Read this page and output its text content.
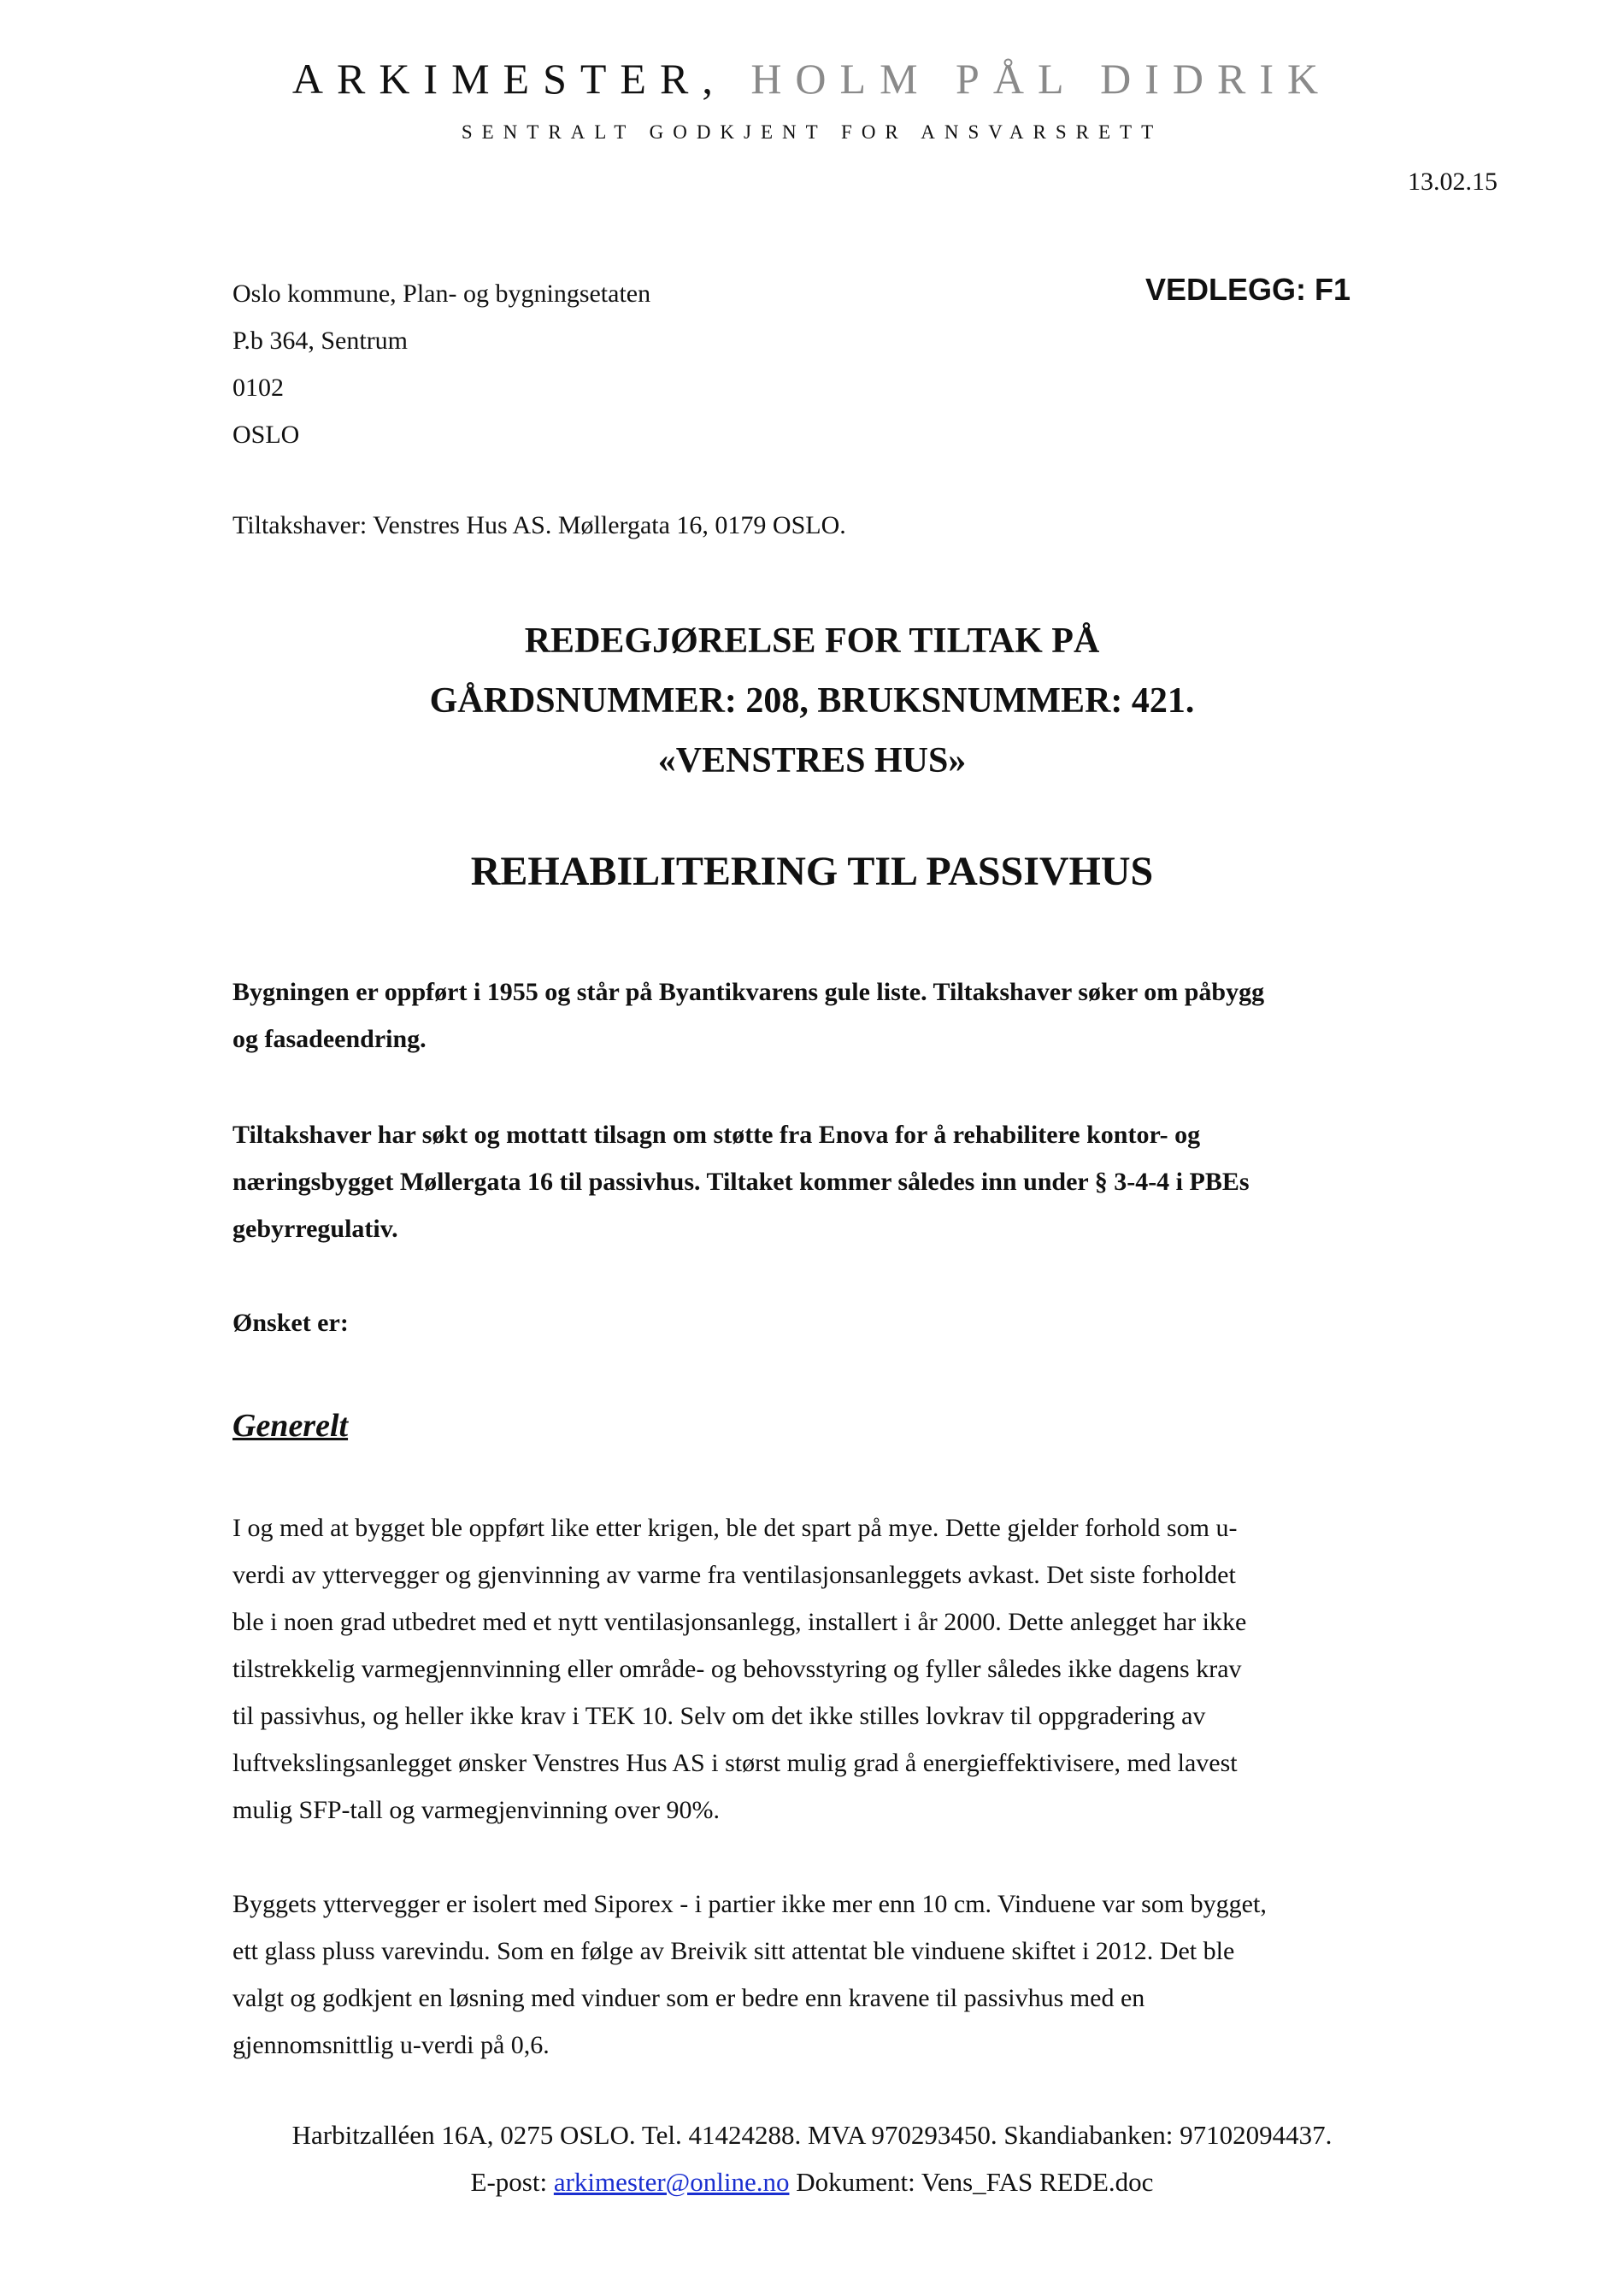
ARKIMESTER, HOLM PÅL DIDRIK
SENTRALT GODKJENT FOR ANSVARSRETT
13.02.15
Oslo kommune, Plan- og bygningsetaten
P.b 364, Sentrum
0102
OSLO
VEDLEGG: F1
Tiltakshaver: Venstres Hus AS. Møllergata 16, 0179 OSLO.
REDEGJØRELSE FOR TILTAK PÅ
GÅRDSNUMMER: 208, BRUKSNUMMER: 421.
«VENSTRES HUS»
REHABILITERING TIL PASSIVHUS
Bygningen er oppført i 1955 og står på Byantikvarens gule liste. Tiltakshaver søker om påbygg
og fasadeendring.
Tiltakshaver har søkt og mottatt tilsagn om støtte fra Enova for å rehabilitere kontor- og
næringsbygget Møllergata 16 til passivhus. Tiltaket kommer således inn under § 3-4-4 i PBEs
gebyrregulativ.
Ønsket er:
Generelt
I og med at bygget ble oppført like etter krigen, ble det spart på mye. Dette gjelder forhold som u-
verdi av yttervegger og gjenvinning av varme fra ventilasjonsanleggets avkast. Det siste forholdet
ble i noen grad utbedret med et nytt ventilasjonsanlegg, installert i år 2000. Dette anlegget har ikke
tilstrekkelig varmegjennvinning eller område- og behovsstyring og fyller således ikke dagens krav
til passivhus, og heller ikke krav i TEK 10. Selv om det ikke stilles lovkrav til oppgradering av
luftvekslingsanlegget ønsker Venstres Hus AS i størst mulig grad å energieffektivisere, med lavest
mulig SFP-tall og varmegjenvinning over 90%.
Byggets yttervegger er isolert med Siporex - i partier ikke mer enn 10 cm. Vinduene var som bygget,
ett glass pluss varevindu. Som en følge av Breivik sitt attentat ble vinduene skiftet i 2012. Det ble
valgt og godkjent en løsning med vinduer som er bedre enn kravene til passivhus med en
gjennomsnittlig u-verdi på 0,6.
Harbitzalléen 16A, 0275 OSLO. Tel. 41424288. MVA 970293450. Skandiabanken: 97102094437.
E-post: arkimester@online.no Dokument: Vens_FAS REDE.doc
